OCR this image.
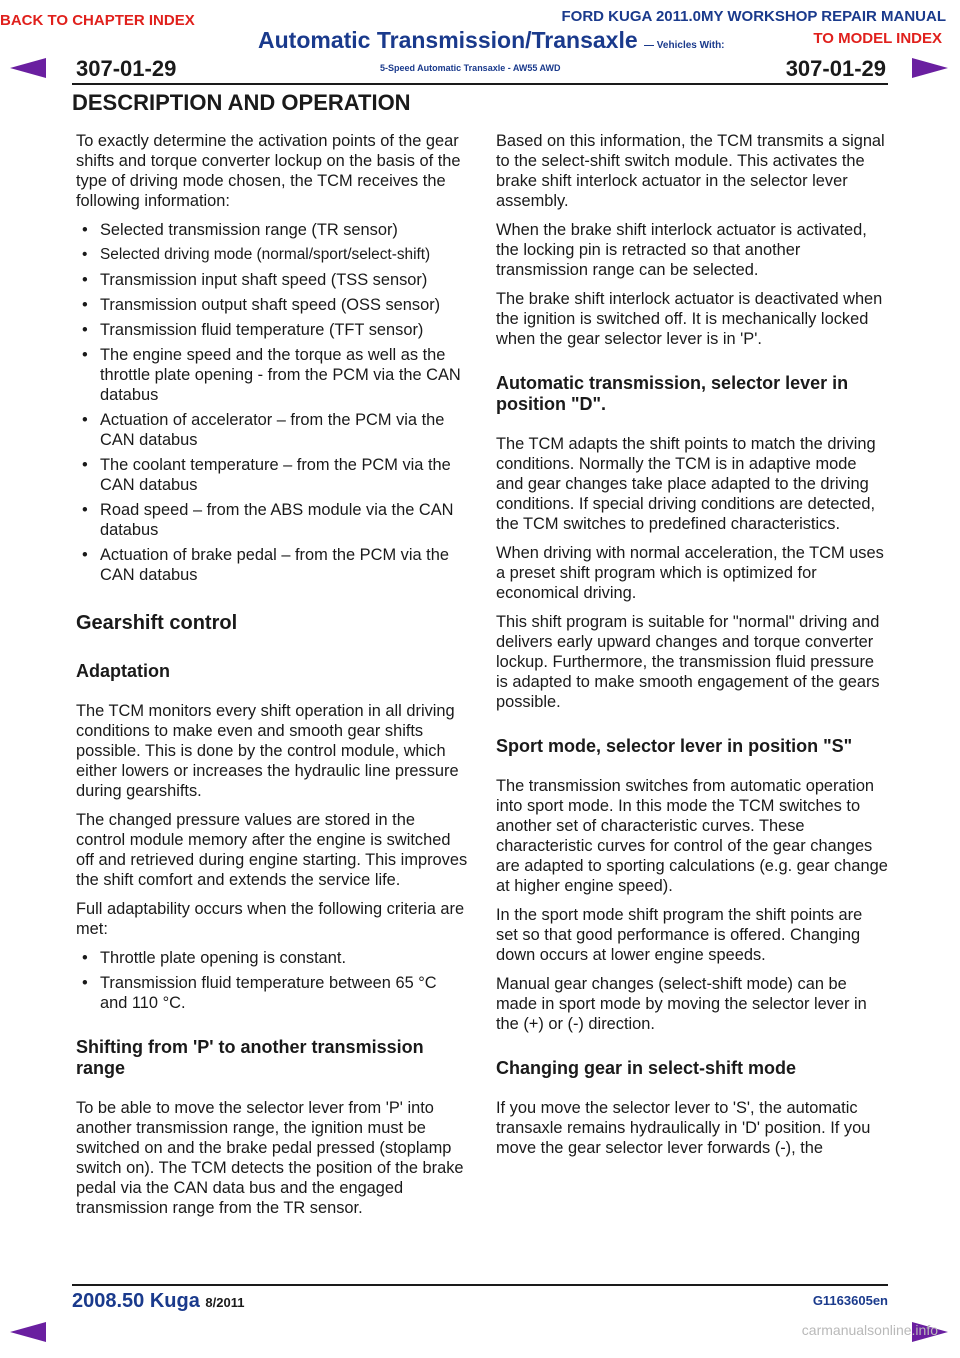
BACK TO CHAPTER INDEX	FORD KUGA 2011.0MY WORKSHOP REPAIR MANUAL
TO MODEL INDEX
Automatic Transmission/Transaxle — Vehicles With:
5-Speed Automatic Transaxle - AW55 AWD
307-01-29	307-01-29
DESCRIPTION AND OPERATION

To exactly determine the activation points of the gear shifts and torque converter lockup on the basis of the type of driving mode chosen, the TCM receives the following information:

• Selected transmission range (TR sensor)
• Selected driving mode (normal/sport/select-shift)
• Transmission input shaft speed (TSS sensor)
• Transmission output shaft speed (OSS sensor)
• Transmission fluid temperature (TFT sensor)
• The engine speed and the torque as well as the throttle plate opening - from the PCM via the CAN databus
• Actuation of accelerator – from the PCM via the CAN databus
• The coolant temperature – from the PCM via the CAN databus
• Road speed – from the ABS module via the CAN databus
• Actuation of brake pedal – from the PCM via the CAN databus
Gearshift control
Adaptation

The TCM monitors every shift operation in all driving conditions to make even and smooth gear shifts possible. This is done by the control module, which either lowers or increases the hydraulic line pressure during gearshifts.

The changed pressure values are stored in the control module memory after the engine is switched off and retrieved during engine starting. This improves the shift comfort and extends the service life.

Full adaptability occurs when the following criteria are met:

• Throttle plate opening is constant.
• Transmission fluid temperature between 65 °C and 110 °C.
Shifting from 'P' to another transmission range

To be able to move the selector lever from 'P' into another transmission range, the ignition must be switched on and the brake pedal pressed (stoplamp switch on). The TCM detects the position of the brake pedal via the CAN data bus and the engaged transmission range from the TR sensor.

Based on this information, the TCM transmits a signal to the select-shift switch module. This activates the brake shift interlock actuator in the selector lever assembly.

When the brake shift interlock actuator is activated, the locking pin is retracted so that another transmission range can be selected.

The brake shift interlock actuator is deactivated when the ignition is switched off. It is mechanically locked when the gear selector lever is in 'P'.

Automatic transmission, selector lever in position "D".

The TCM adapts the shift points to match the driving conditions. Normally the TCM is in adaptive mode and gear changes take place adapted to the driving conditions. If special driving conditions are detected, the TCM switches to predefined characteristics.

When driving with normal acceleration, the TCM uses a preset shift program which is optimized for economical driving.

This shift program is suitable for "normal" driving and delivers early upward changes and torque converter lockup. Furthermore, the transmission fluid pressure is adapted to make smooth engagement of the gears possible.

Sport mode, selector lever in position "S"

The transmission switches from automatic operation into sport mode. In this mode the TCM switches to another set of characteristic curves. These characteristic curves for control of the gear changes are adapted to sporting calculations (e.g. gear change at higher engine speed).

In the sport mode shift program the shift points are set so that good performance is offered. Changing down occurs at lower engine speeds.

Manual gear changes (select-shift mode) can be made in sport mode by moving the selector lever in the (+) or (-) direction.

Changing gear in select-shift mode

If you move the selector lever to 'S', the automatic transaxle remains hydraulically in 'D' position. If you move the gear selector lever forwards (-), the

2008.50 Kuga 8/2011	G1163605en
carmanualsonline.info
